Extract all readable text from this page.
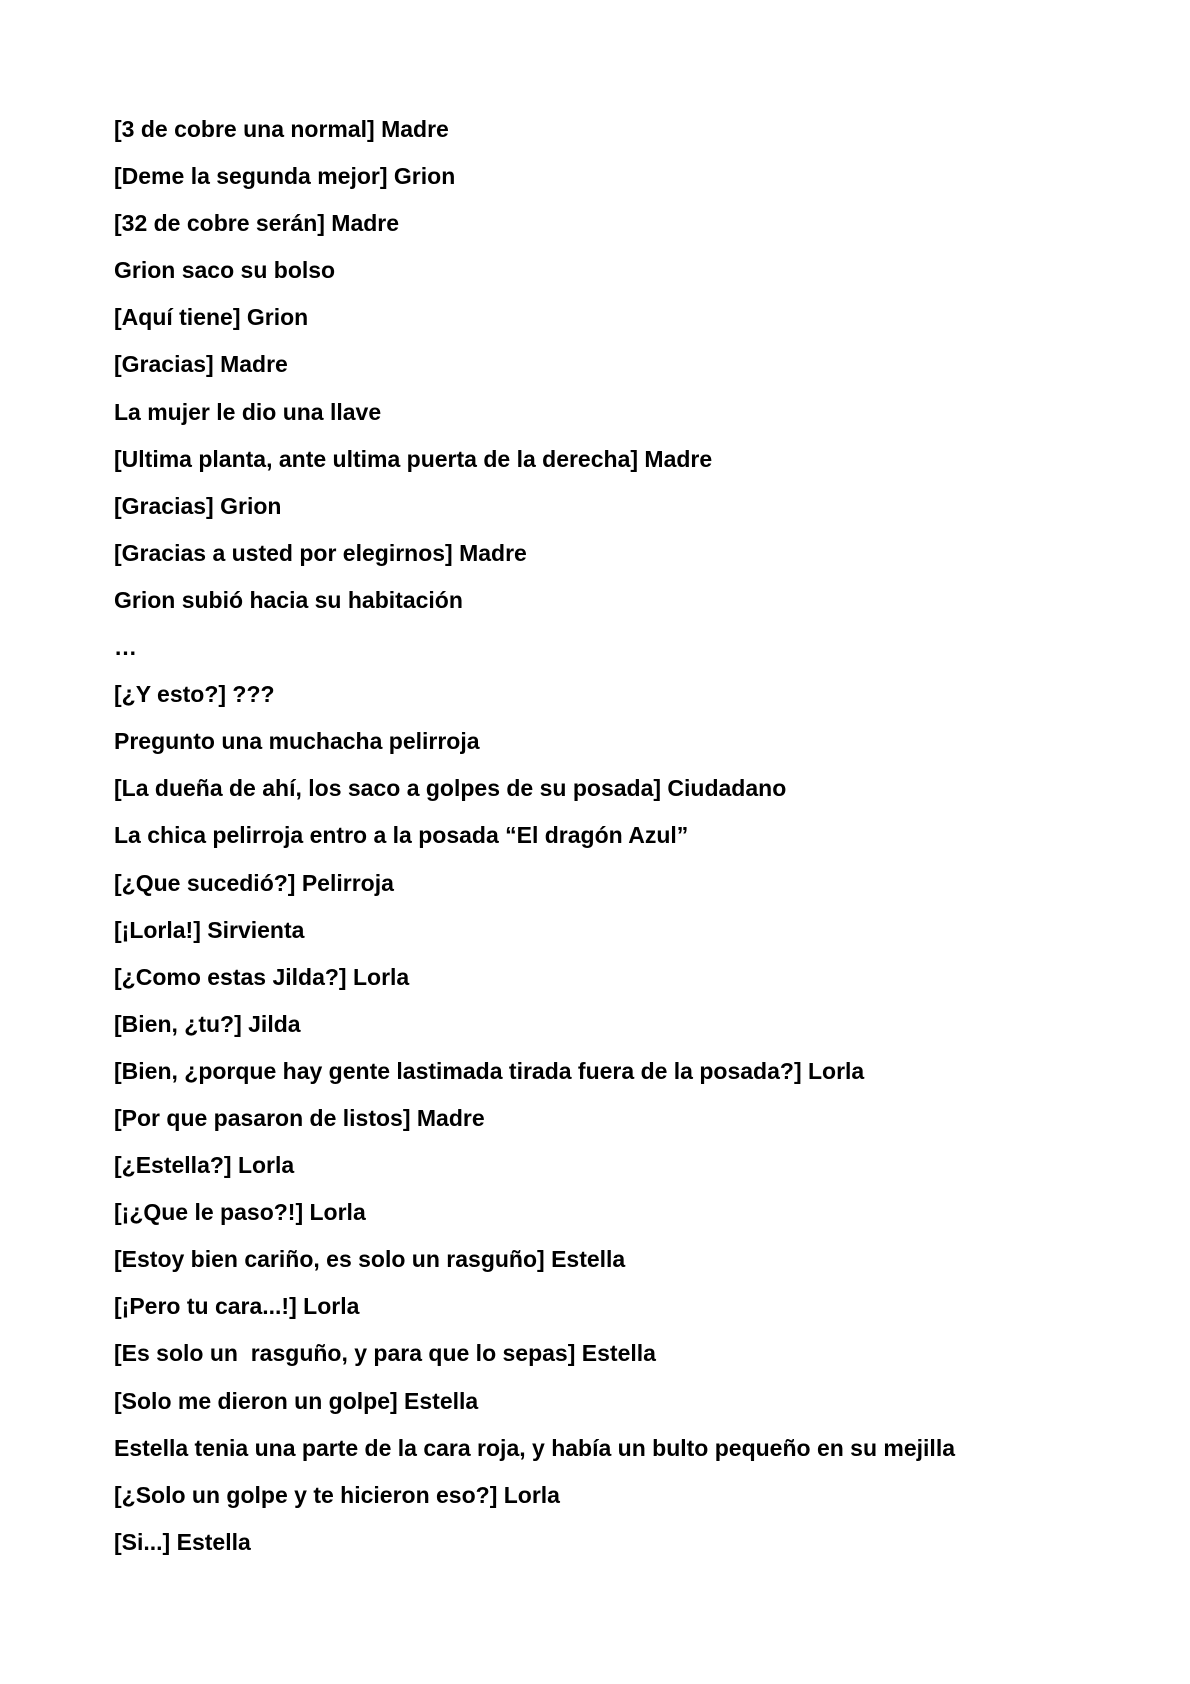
[3 de cobre una normal] Madre
[Deme la segunda mejor] Grion
[32 de cobre serán] Madre
Grion saco su bolso
[Aquí tiene] Grion
[Gracias] Madre
La mujer le dio una llave
[Ultima planta, ante ultima puerta de la derecha] Madre
[Gracias] Grion
[Gracias a usted por elegirnos] Madre
Grion subió hacia su habitación
…
[¿Y esto?] ???
Pregunto una muchacha pelirroja
[La dueña de ahí, los saco a golpes de su posada] Ciudadano
La chica pelirroja entro a la posada “El dragón Azul”
[¿Que sucedió?] Pelirroja
[¡Lorla!] Sirvienta
[¿Como estas Jilda?] Lorla
[Bien, ¿tu?] Jilda
[Bien, ¿porque hay gente lastimada tirada fuera de la posada?] Lorla
[Por que pasaron de listos] Madre
[¿Estella?] Lorla
[¡¿Que le paso?!] Lorla
[Estoy bien cariño, es solo un rasguño] Estella
[¡Pero tu cara...!] Lorla
[Es solo un  rasguño, y para que lo sepas] Estella
[Solo me dieron un golpe] Estella
Estella tenia una parte de la cara roja, y había un bulto pequeño en su mejilla
[¿Solo un golpe y te hicieron eso?] Lorla
[Si...] Estella
